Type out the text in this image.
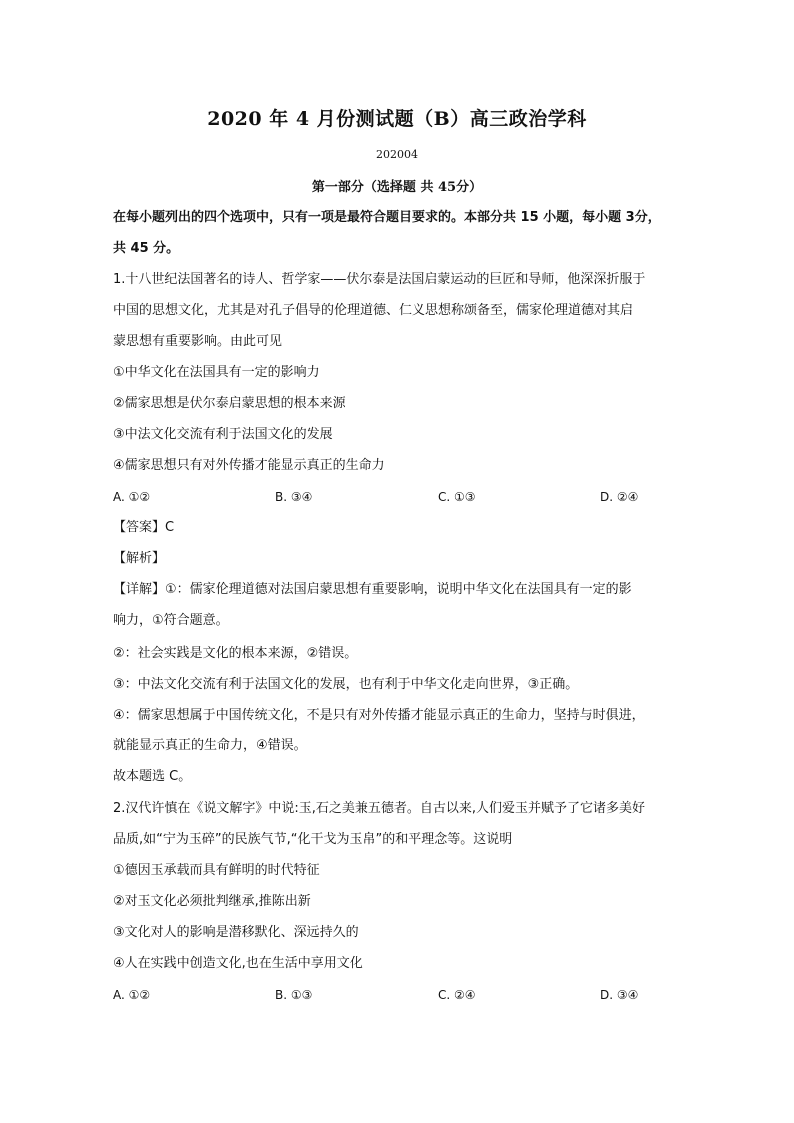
2020 年 4 月份测试题（B）高三政治学科
202004
第一部分（选择题 共 45分）
在每小题列出的四个选项中，只有一项是最符合题目要求的。本部分共 15 小题，每小题 3分，
共 45 分。
1.十八世纪法国著名的诗人、哲学家——伏尔泰是法国启蒙运动的巨匠和导师，他深深折服于
中国的思想文化，尤其是对孔子倡导的伦理道德、仁义思想称颂备至，儒家伦理道德对其启
蒙思想有重要影响。由此可见
①中华文化在法国具有一定的影响力
②儒家思想是伏尔泰启蒙思想的根本来源
③中法文化交流有利于法国文化的发展
④儒家思想只有对外传播才能显示真正的生命力
A. ①②	B. ③④	C. ①③	D. ②④
【答案】C
【解析】
【详解】①：儒家伦理道德对法国启蒙思想有重要影响，说明中华文化在法国具有一定的影
响力，①符合题意。
②：社会实践是文化的根本来源，②错误。
③：中法文化交流有利于法国文化的发展，也有利于中华文化走向世界，③正确。
④：儒家思想属于中国传统文化，不是只有对外传播才能显示真正的生命力，坚持与时俱进，
就能显示真正的生命力，④错误。
故本题选 C。
2.汉代许慎在《说文解字》中说:玉,石之美兼五德者。自古以来,人们爱玉并赋予了它诸多美好
品质,如“宁为玉碎”的民族气节,“化干戈为玉帛”的和平理念等。这说明
①德因玉承载而具有鲜明的时代特征
②对玉文化必须批判继承,推陈出新
③文化对人的影响是潜移默化、深远持久的
④人在实践中创造文化,也在生活中享用文化
A. ①②	B. ①③	C. ②④	D. ③④
